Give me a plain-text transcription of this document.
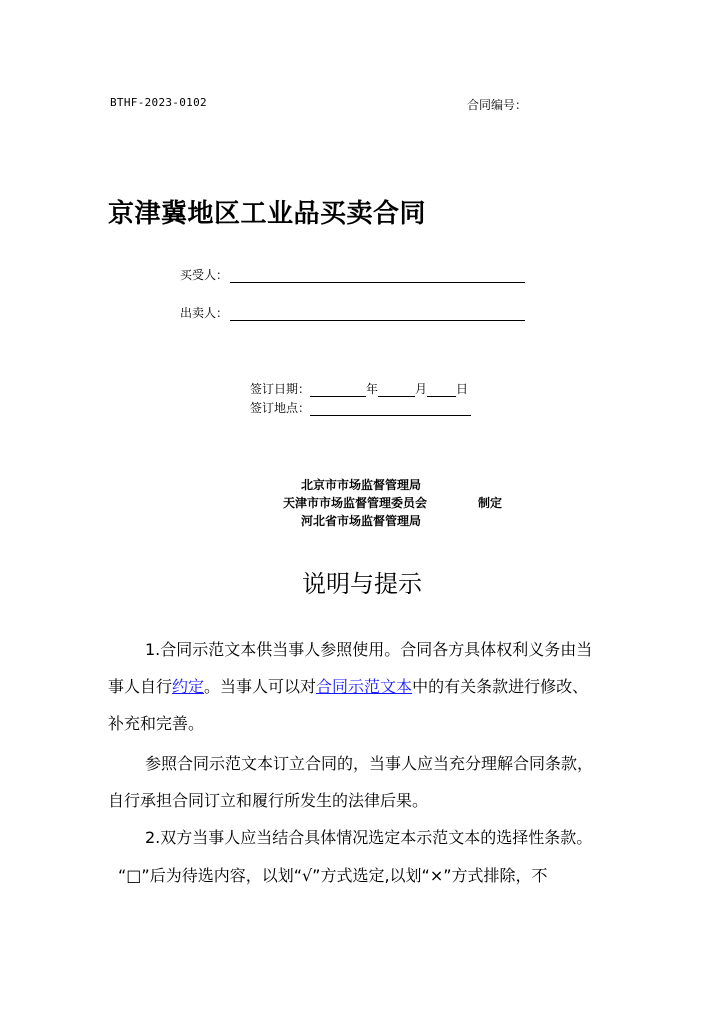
BTHF-2023-0102	合同编号：
京津冀地区工业品买卖合同
买受人：
出卖人：
签订日期：	年	月 日
签订地点：
北京市市场监督管理局
天津市市场监督管理委员会	制定
河北省市场监督管理局
说明与提示
1.合同示范文本供当事人参照使用。合同各方具体权利义务由当
事人自行约定。当事人可以对合同示范文本中的有关条款进行修改、
补充和完善。
参照合同示范文本订立合同的，当事人应当充分理解合同条款，
自行承担合同订立和履行所发生的法律后果。
2.双方当事人应当结合具体情况选定本示范文本的选择性条款。
“□”后为待选内容，以划“√”方式选定,以划“×”方式排除，不
